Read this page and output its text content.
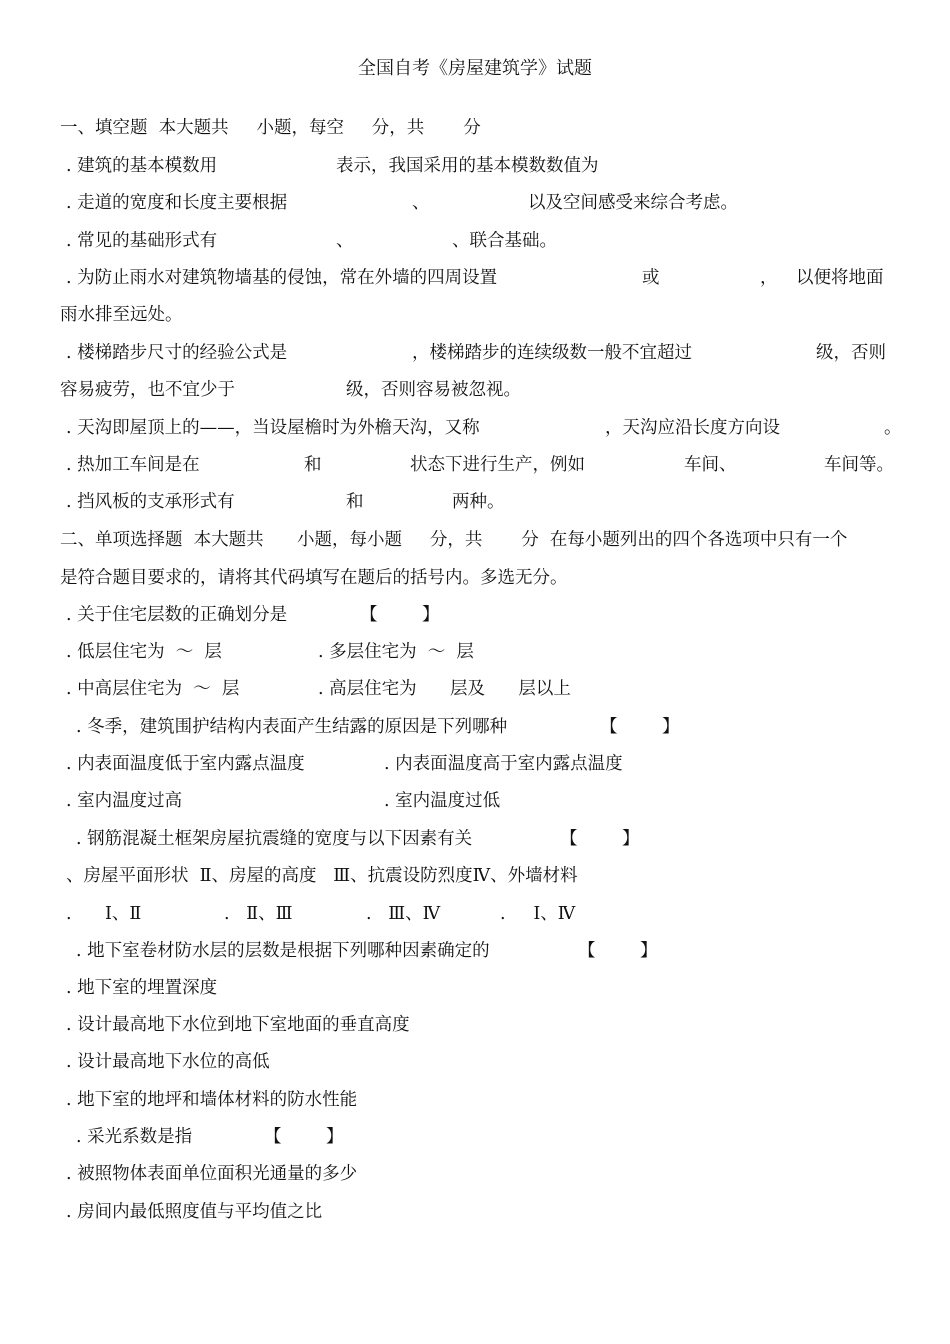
全国自考《房屋建筑学》试题
一、填空题  本大题共     小题，每空     分，共       分
. 建筑的基本模数用	表示，我国采用的基本模数数值为
. 走道的宽度和长度主要根据	、	以及空间感受来综合考虑。
. 常见的基础形式有	、	、联合基础。
. 为防止雨水对建筑物墙基的侵蚀，常在外墙的四周设置	或	， 以便将地面
雨水排至远处。
. 楼梯踏步尺寸的经验公式是	，楼梯踏步的连续级数一般不宜超过	级，否则
容易疲劳，也不宜少于	级，否则容易被忽视。
. 天沟即屋顶上的——，当设屋檐时为外檐天沟，又称	，天沟应沿长度方向设	。
. 热加工车间是在	和	状态下进行生产，例如	车间、	车间等。
. 挡风板的支承形式有	和	两种。
二、单项选择题  本大题共      小题，每小题     分，共       分  在每小题列出的四个各选项中只有一个
是符合题目要求的，请将其代码填写在题后的括号内。多选无分。
. 关于住宅层数的正确划分是	【        】
. 低层住宅为  ～  层	. 多层住宅为  ～  层
. 中高层住宅为  ～  层	. 高层住宅为      层及      层以上
. 冬季，建筑围护结构内表面产生结露的原因是下列哪种	【        】
. 内表面温度低于室内露点温度	. 内表面温度高于室内露点温度
. 室内温度过高	. 室内温度过低
. 钢筋混凝土框架房屋抗震缝的宽度与以下因素有关	【        】
、房屋平面形状  Ⅱ、房屋的高度   Ⅲ、抗震设防烈度Ⅳ、外墙材料
.      Ⅰ、Ⅱ	.   Ⅱ、Ⅲ	.   Ⅲ、Ⅳ	.     Ⅰ、Ⅳ
. 地下室卷材防水层的层数是根据下列哪种因素确定的	【        】
. 地下室的埋置深度
. 设计最高地下水位到地下室地面的垂直高度
. 设计最高地下水位的高低
. 地下室的地坪和墙体材料的防水性能
. 采光系数是指	【        】
. 被照物体表面单位面积光通量的多少
. 房间内最低照度值与平均值之比
